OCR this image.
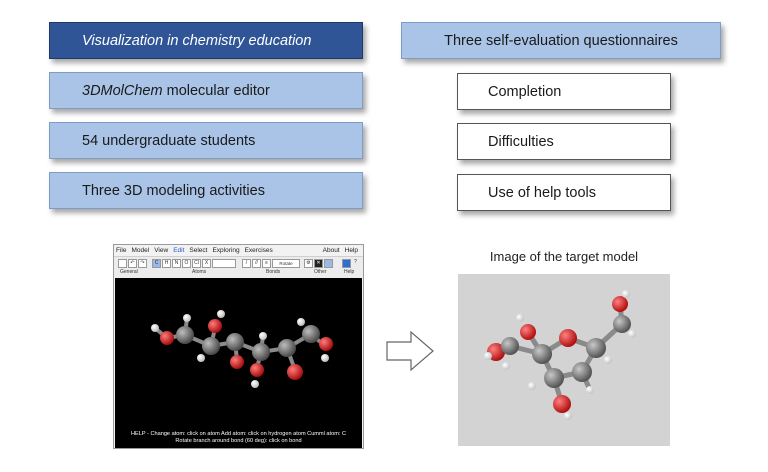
Visualization in chemistry education
3DMolChem molecular editor
54 undergraduate students
Three 3D modeling activities
Three self-evaluation questionnaires
Completion
Difficulties
Use of help tools
File Model View Edit Select Exploring Exercises	About Help
↶	↷	C	H	N	O	Cl	X	/	//	≡	Rotate	⚙	✕	?
General	Atoms	Bonds	Other	Help
HELP - Change atom: click on atom Add atom: click on hydrogen atom Cumml atom: C
Rotate branch around bond (60 deg): click on bond
Image of the target model
